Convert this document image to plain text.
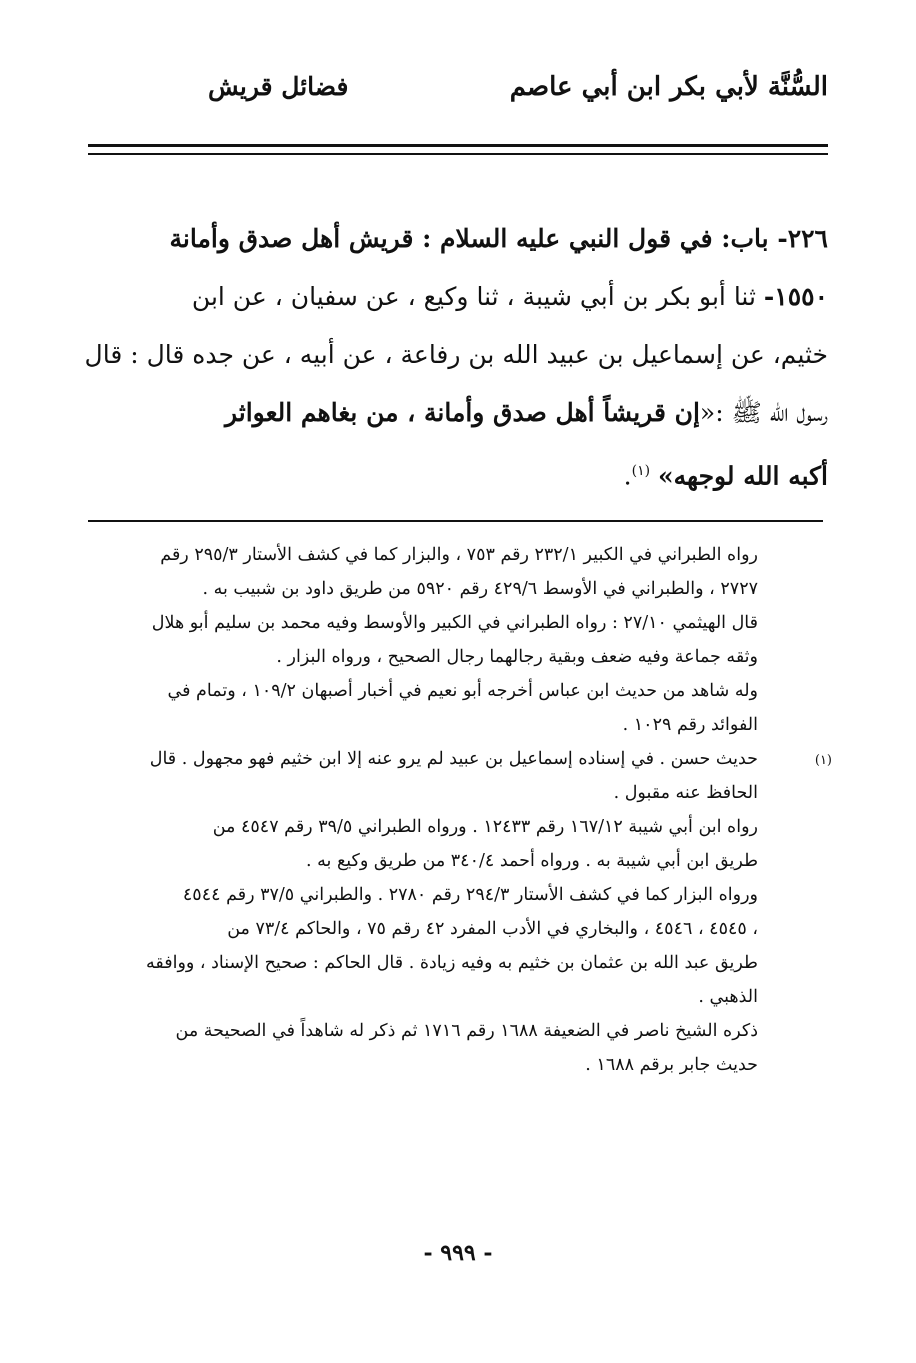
السُّنَّة لأبي بكر ابن أبي عاصم
فضائل قريش
٢٢٦- باب: في قول النبي عليه السلام : قريش أهل صدق وأمانة
١٥٥٠- ثنا أبو بكر بن أبي شيبة ، ثنا وكيع ، عن سفيان ، عن ابن
خثيم، عن إسماعيل بن عبيد الله بن رفاعة ، عن أبيه ، عن جده قال : قال
رسول الله ﷺ :«إن قريشاً أهل صدق وأمانة ، من بغاهم العواثر
أكبه الله لوجهه» $^{(١)}$.
رواه الطبراني في الكبير ٢٣٢/١ رقم ٧٥٣ ، والبزار كما في كشف الأستار ٢٩٥/٣ رقم
٢٧٢٧ ، والطبراني في الأوسط ٤٢٩/٦ رقم ٥٩٢٠ من طريق داود بن شبيب به .
قال الهيثمي ٢٧/١٠ : رواه الطبراني في الكبير والأوسط وفيه محمد بن سليم أبو هلال
وثقه جماعة وفيه ضعف وبقية رجالهما رجال الصحيح ، ورواه البزار .
وله شاهد من حديث ابن عباس أخرجه أبو نعيم في أخبار أصبهان ١٠٩/٢ ، وتمام في
الفوائد رقم ١٠٢٩ .
(١)
حديث حسن . في إسناده إسماعيل بن عبيد لم يرو عنه إلا ابن خثيم فهو مجهول . قال
الحافظ عنه مقبول .
رواه ابن أبي شيبة ١٦٧/١٢ رقم ١٢٤٣٣ . ورواه الطبراني ٣٩/٥ رقم ٤٥٤٧ من
طريق ابن أبي شيبة به . ورواه أحمد ٣٤٠/٤ من طريق وكيع به .
ورواه البزار كما في كشف الأستار ٢٩٤/٣ رقم ٢٧٨٠ . والطبراني ٣٧/٥ رقم ٤٥٤٤
، ٤٥٤٥ ، ٤٥٤٦ ، والبخاري في الأدب المفرد ٤٢ رقم ٧٥ ، والحاكم ٧٣/٤ من
طريق عبد الله بن عثمان بن خثيم به وفيه زيادة . قال الحاكم : صحيح الإسناد ، ووافقه
الذهبي .
ذكره الشيخ ناصر في الضعيفة ١٦٨٨ رقم ١٧١٦ ثم ذكر له شاهداً في الصحيحة من
حديث جابر برقم ١٦٨٨ .
- ٩٩٩ -
